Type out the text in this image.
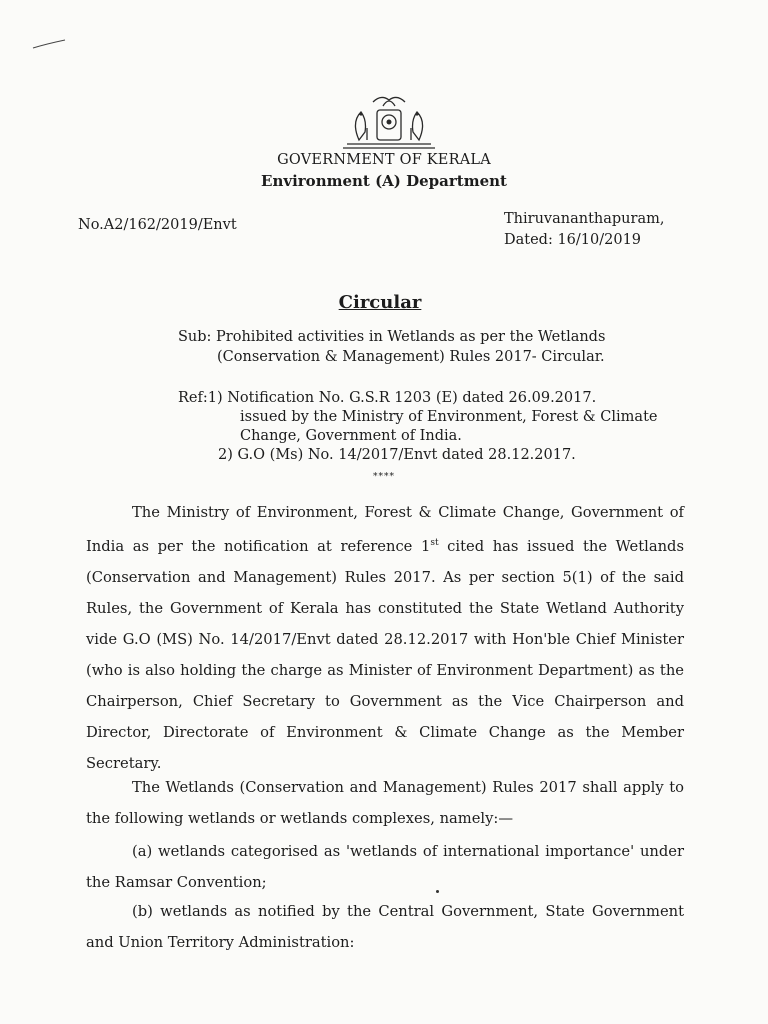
GOVERNMENT OF KERALA
Environment (A) Department
No.A2/162/2019/Envt	Thiruvananthapuram,
Dated: 16/10/2019
Circular
Sub: Prohibited activities in Wetlands as per the Wetlands
(Conservation & Management) Rules 2017- Circular.
Ref:1) Notification No. G.S.R 1203 (E) dated 26.09.2017.
issued by the Ministry of Environment, Forest & Climate
Change, Government of India.
2) G.O (Ms) No. 14/2017/Envt dated 28.12.2017.
****

The Ministry of Environment, Forest & Climate Change, Government of India as per the notification at reference 1st cited has issued the Wetlands (Conservation and Management) Rules 2017. As per section 5(1) of the said Rules, the Government of Kerala has constituted the State Wetland Authority vide G.O (MS) No. 14/2017/Envt dated 28.12.2017 with Hon'ble Chief Minister (who is also holding the charge as Minister of Environment Department) as the Chairperson, Chief Secretary to Government as the Vice Chairperson and Director, Directorate of Environment & Climate Change as the Member Secretary.

The Wetlands (Conservation and Management) Rules 2017 shall apply to the following wetlands or wetlands complexes, namely:—

(a) wetlands categorised as 'wetlands of international importance' under the Ramsar Convention;

(b) wetlands as notified by the Central Government, State Government and Union Territory Administration:
